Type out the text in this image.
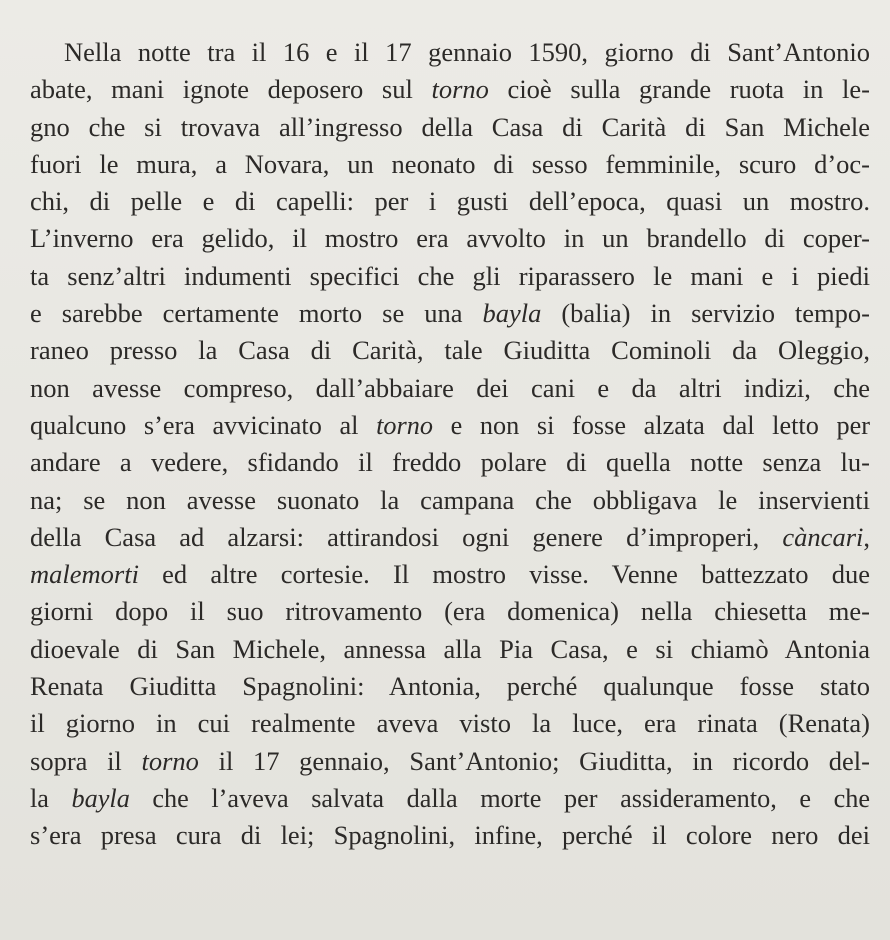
Nella notte tra il 16 e il 17 gennaio 1590, giorno di Sant’Antonio
abate, mani ignote deposero sul torno cioè sulla grande ruota in le-
gno che si trovava all’ingresso della Casa di Carità di San Michele
fuori le mura, a Novara, un neonato di sesso femminile, scuro d’oc-
chi, di pelle e di capelli: per i gusti dell’epoca, quasi un mostro.
L’inverno era gelido, il mostro era avvolto in un brandello di coper-
ta senz’altri indumenti specifici che gli riparassero le mani e i piedi
e sarebbe certamente morto se una bayla (balia) in servizio tempo-
raneo presso la Casa di Carità, tale Giuditta Cominoli da Oleggio,
non avesse compreso, dall’abbaiare dei cani e da altri indizi, che
qualcuno s’era avvicinato al torno e non si fosse alzata dal letto per
andare a vedere, sfidando il freddo polare di quella notte senza lu-
na; se non avesse suonato la campana che obbligava le inservienti
della Casa ad alzarsi: attirandosi ogni genere d’improperi, càncari,
malemorti ed altre cortesie. Il mostro visse. Venne battezzato due
giorni dopo il suo ritrovamento (era domenica) nella chiesetta me-
dioevale di San Michele, annessa alla Pia Casa, e si chiamò Antonia
Renata Giuditta Spagnolini: Antonia, perché qualunque fosse stato
il giorno in cui realmente aveva visto la luce, era rinata (Renata)
sopra il torno il 17 gennaio, Sant’Antonio; Giuditta, in ricordo del-
la bayla che l’aveva salvata dalla morte per assideramento, e che
s’era presa cura di lei; Spagnolini, infine, perché il colore nero dei
